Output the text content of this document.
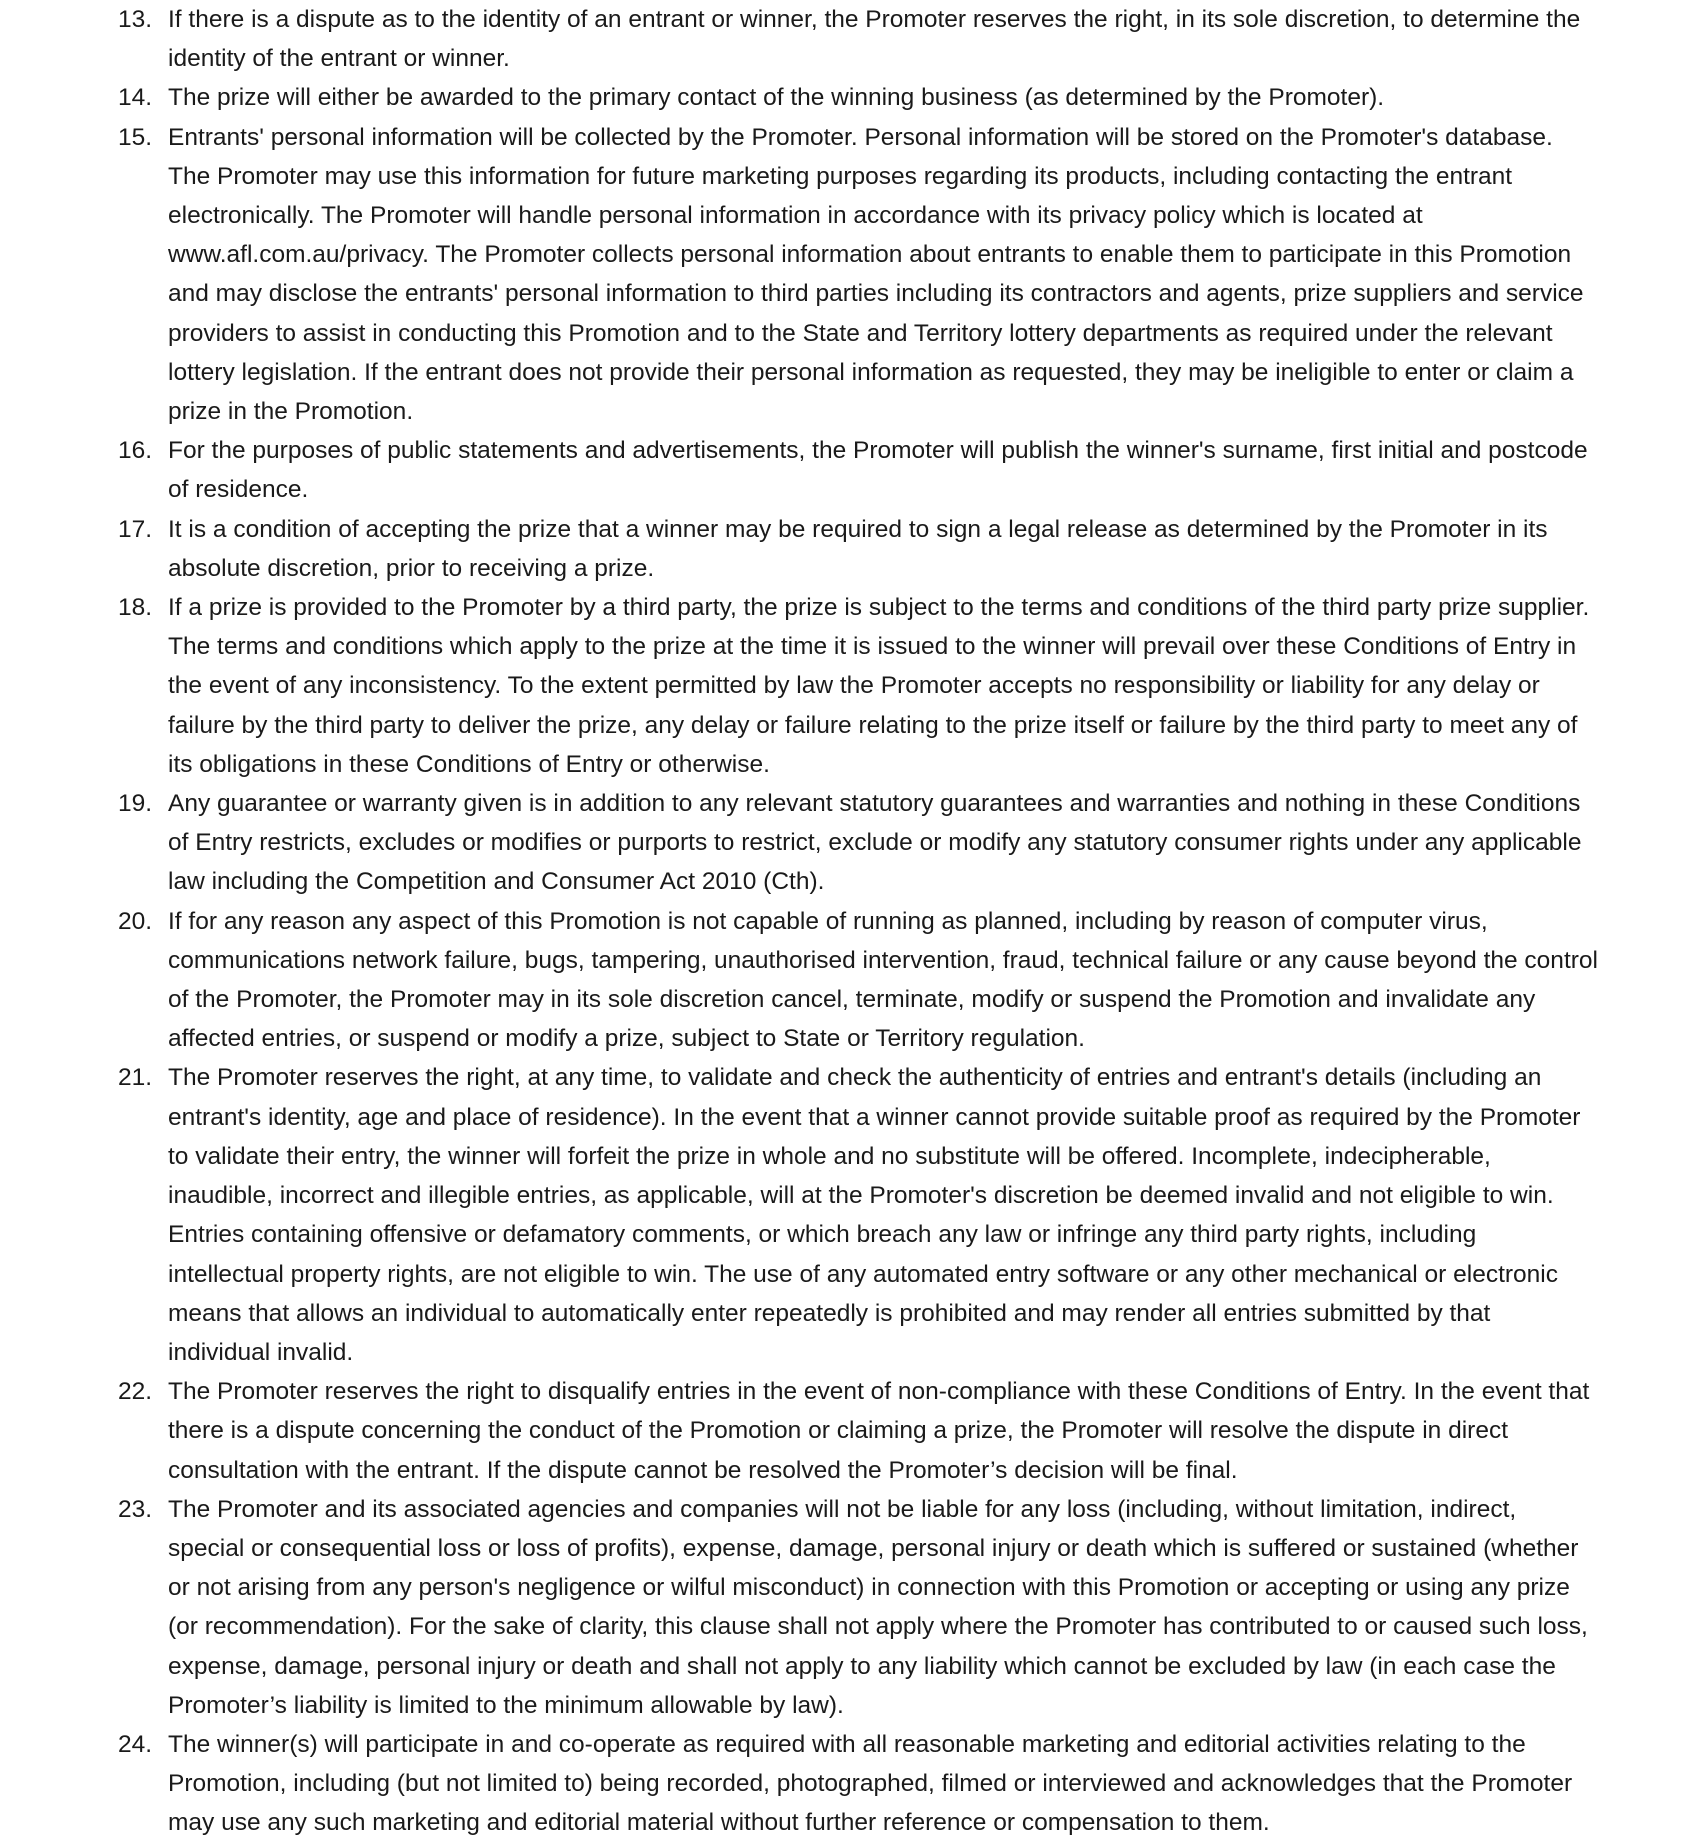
13. If there is a dispute as to the identity of an entrant or winner, the Promoter reserves the right, in its sole discretion, to determine the identity of the entrant or winner.
14. The prize will either be awarded to the primary contact of the winning business (as determined by the Promoter).
15. Entrants' personal information will be collected by the Promoter. Personal information will be stored on the Promoter's database. The Promoter may use this information for future marketing purposes regarding its products, including contacting the entrant electronically. The Promoter will handle personal information in accordance with its privacy policy which is located at www.afl.com.au/privacy. The Promoter collects personal information about entrants to enable them to participate in this Promotion and may disclose the entrants' personal information to third parties including its contractors and agents, prize suppliers and service providers to assist in conducting this Promotion and to the State and Territory lottery departments as required under the relevant lottery legislation. If the entrant does not provide their personal information as requested, they may be ineligible to enter or claim a prize in the Promotion.
16. For the purposes of public statements and advertisements, the Promoter will publish the winner's surname, first initial and postcode of residence.
17. It is a condition of accepting the prize that a winner may be required to sign a legal release as determined by the Promoter in its absolute discretion, prior to receiving a prize.
18. If a prize is provided to the Promoter by a third party, the prize is subject to the terms and conditions of the third party prize supplier. The terms and conditions which apply to the prize at the time it is issued to the winner will prevail over these Conditions of Entry in the event of any inconsistency. To the extent permitted by law the Promoter accepts no responsibility or liability for any delay or failure by the third party to deliver the prize, any delay or failure relating to the prize itself or failure by the third party to meet any of its obligations in these Conditions of Entry or otherwise.
19. Any guarantee or warranty given is in addition to any relevant statutory guarantees and warranties and nothing in these Conditions of Entry restricts, excludes or modifies or purports to restrict, exclude or modify any statutory consumer rights under any applicable law including the Competition and Consumer Act 2010 (Cth).
20. If for any reason any aspect of this Promotion is not capable of running as planned, including by reason of computer virus, communications network failure, bugs, tampering, unauthorised intervention, fraud, technical failure or any cause beyond the control of the Promoter, the Promoter may in its sole discretion cancel, terminate, modify or suspend the Promotion and invalidate any affected entries, or suspend or modify a prize, subject to State or Territory regulation.
21. The Promoter reserves the right, at any time, to validate and check the authenticity of entries and entrant's details (including an entrant's identity, age and place of residence). In the event that a winner cannot provide suitable proof as required by the Promoter to validate their entry, the winner will forfeit the prize in whole and no substitute will be offered. Incomplete, indecipherable, inaudible, incorrect and illegible entries, as applicable, will at the Promoter's discretion be deemed invalid and not eligible to win. Entries containing offensive or defamatory comments, or which breach any law or infringe any third party rights, including intellectual property rights, are not eligible to win. The use of any automated entry software or any other mechanical or electronic means that allows an individual to automatically enter repeatedly is prohibited and may render all entries submitted by that individual invalid.
22. The Promoter reserves the right to disqualify entries in the event of non-compliance with these Conditions of Entry. In the event that there is a dispute concerning the conduct of the Promotion or claiming a prize, the Promoter will resolve the dispute in direct consultation with the entrant. If the dispute cannot be resolved the Promoter’s decision will be final.
23. The Promoter and its associated agencies and companies will not be liable for any loss (including, without limitation, indirect, special or consequential loss or loss of profits), expense, damage, personal injury or death which is suffered or sustained (whether or not arising from any person's negligence or wilful misconduct) in connection with this Promotion or accepting or using any prize (or recommendation). For the sake of clarity, this clause shall not apply where the Promoter has contributed to or caused such loss, expense, damage, personal injury or death and shall not apply to any liability which cannot be excluded by law (in each case the Promoter’s liability is limited to the minimum allowable by law).
24. The winner(s) will participate in and co-operate as required with all reasonable marketing and editorial activities relating to the Promotion, including (but not limited to) being recorded, photographed, filmed or interviewed and acknowledges that the Promoter may use any such marketing and editorial material without further reference or compensation to them.
